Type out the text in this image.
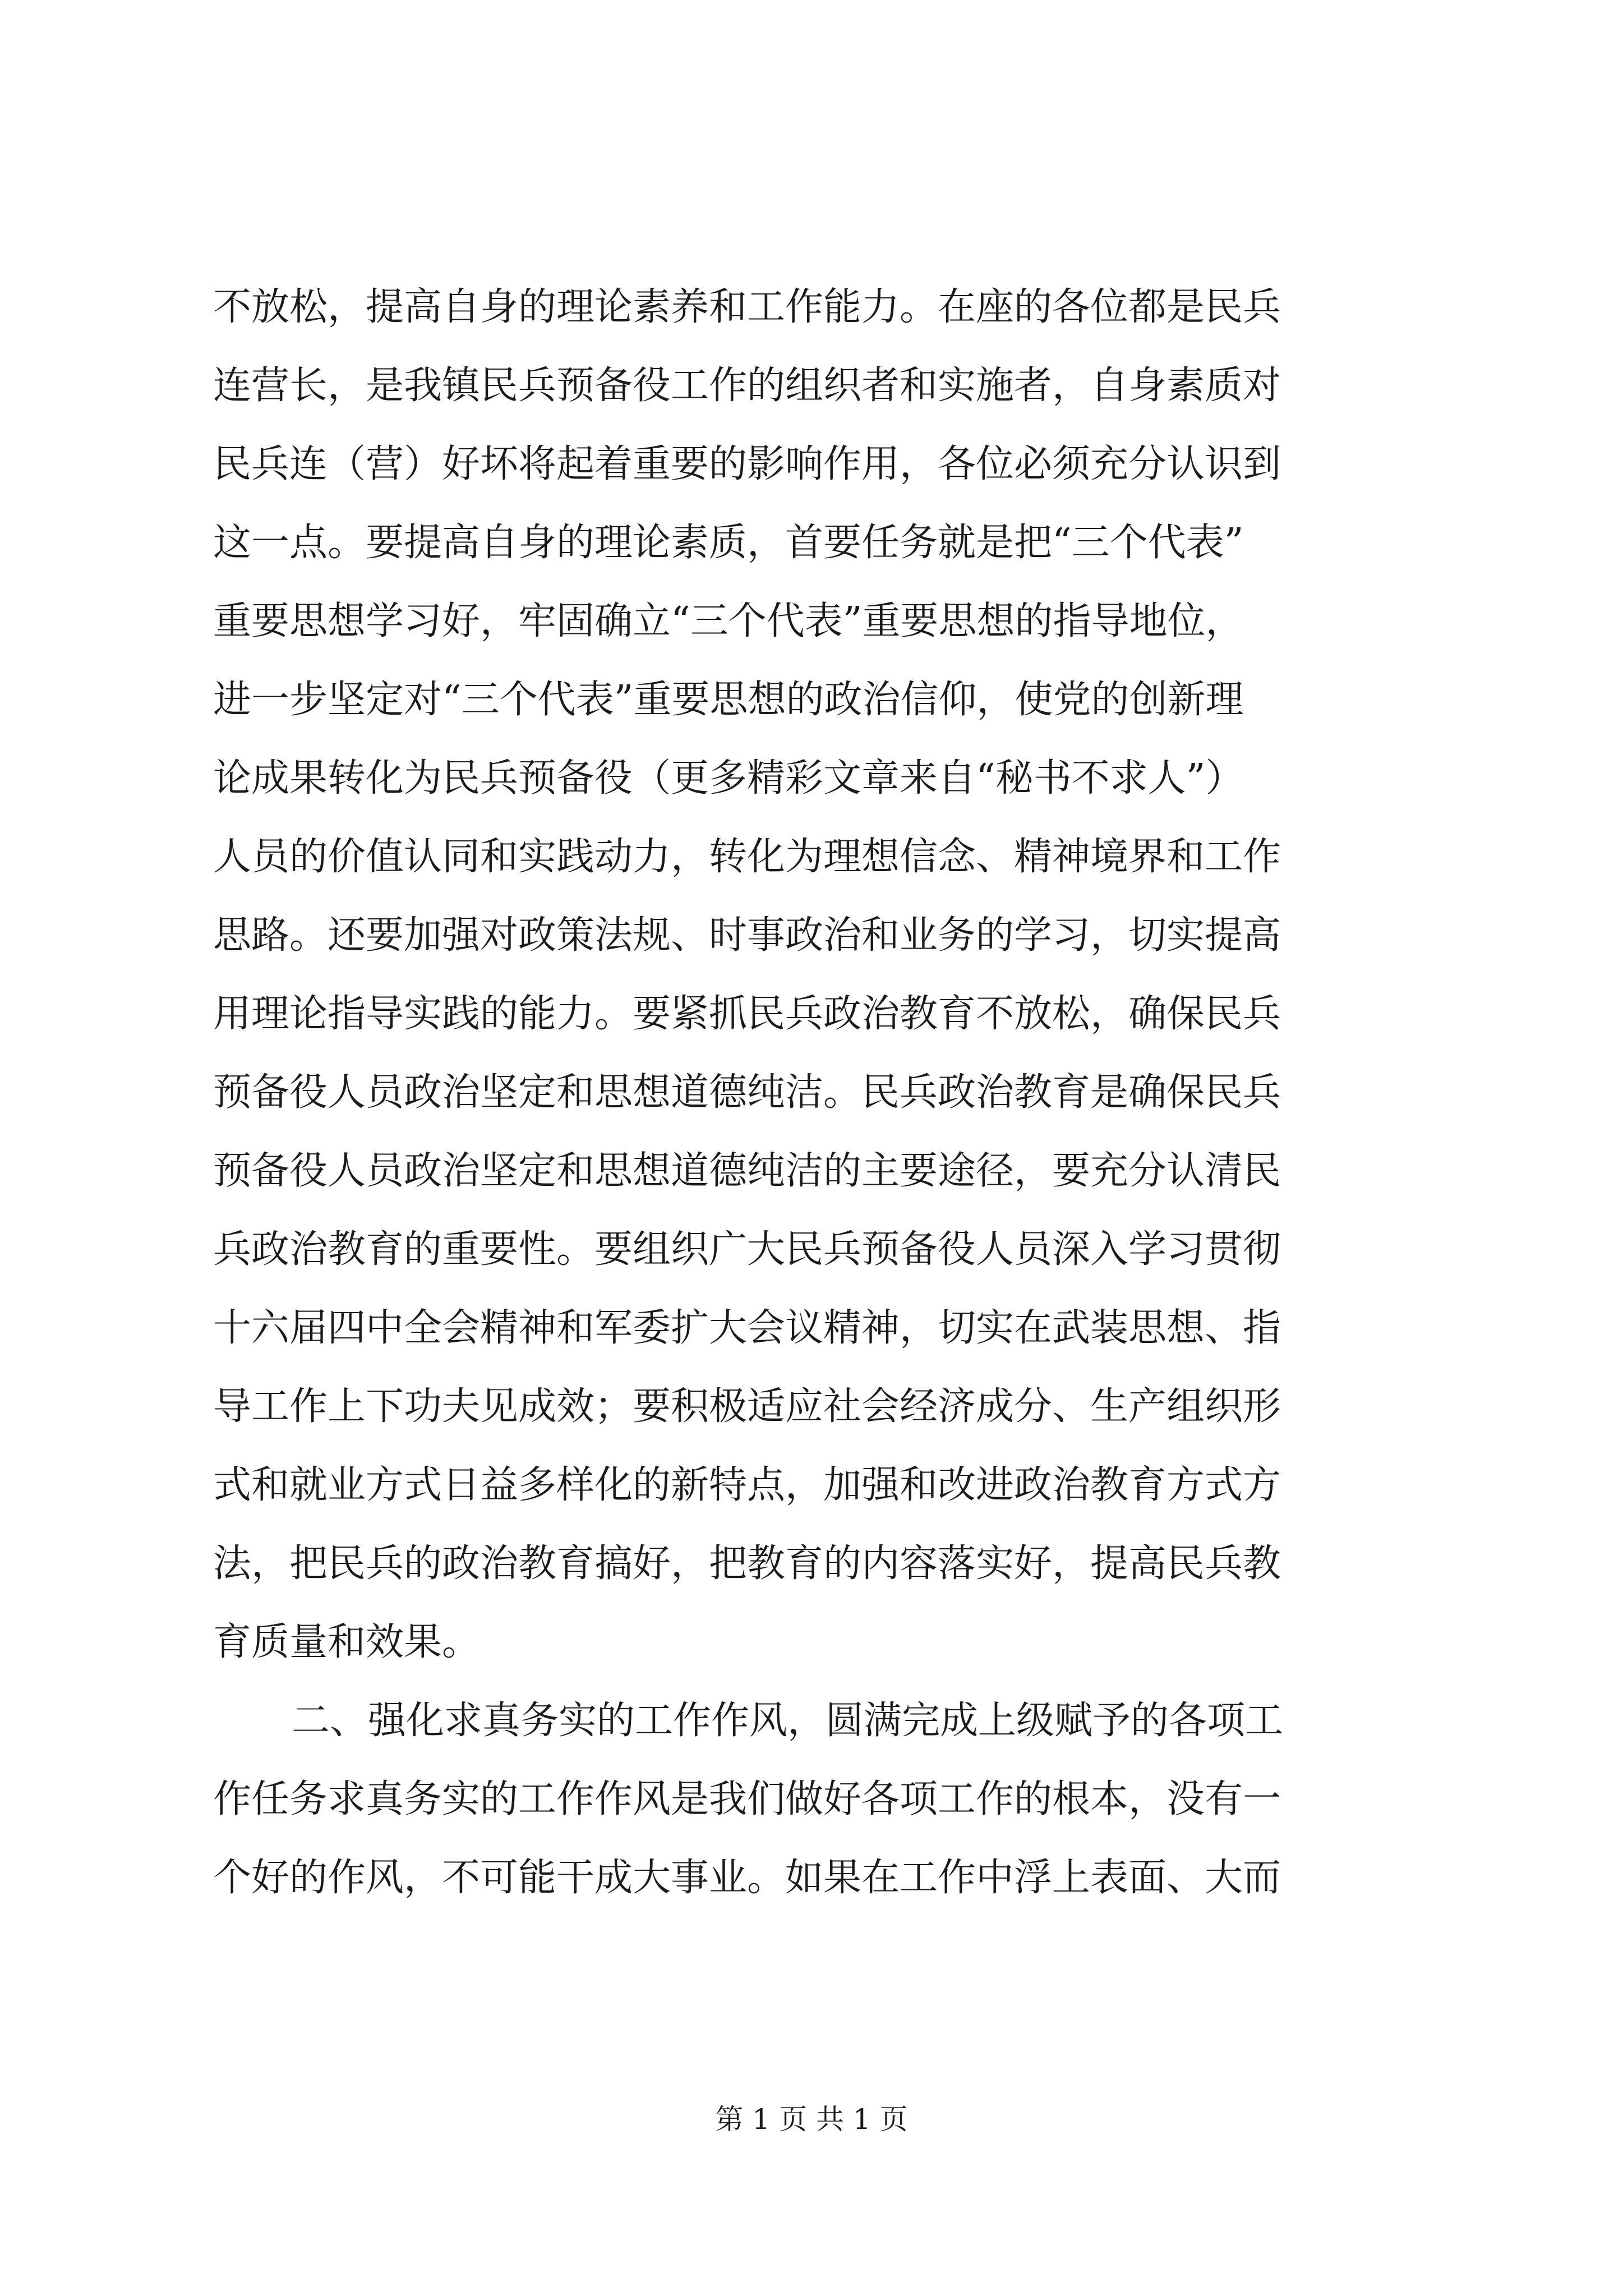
不放松，提高自身的理论素养和工作能力。在座的各位都是民兵
连营长，是我镇民兵预备役工作的组织者和实施者，自身素质对
民兵连（营）好坏将起着重要的影响作用，各位必须充分认识到
这一点。要提高自身的理论素质，首要任务就是把“三个代表”
重要思想学习好，牢固确立“三个代表”重要思想的指导地位，
进一步坚定对“三个代表”重要思想的政治信仰，使党的创新理
论成果转化为民兵预备役（更多精彩文章来自“秘书不求人”）
人员的价值认同和实践动力，转化为理想信念、精神境界和工作
思路。还要加强对政策法规、时事政治和业务的学习，切实提高
用理论指导实践的能力。要紧抓民兵政治教育不放松，确保民兵
预备役人员政治坚定和思想道德纯洁。民兵政治教育是确保民兵
预备役人员政治坚定和思想道德纯洁的主要途径，要充分认清民
兵政治教育的重要性。要组织广大民兵预备役人员深入学习贯彻
十六届四中全会精神和军委扩大会议精神，切实在武装思想、指
导工作上下功夫见成效；要积极适应社会经济成分、生产组织形
式和就业方式日益多样化的新特点，加强和改进政治教育方式方
法，把民兵的政治教育搞好，把教育的内容落实好，提高民兵教
育质量和效果。
二、强化求真务实的工作作风，圆满完成上级赋予的各项工
作任务求真务实的工作作风是我们做好各项工作的根本，没有一
个好的作风，不可能干成大事业。如果在工作中浮上表面、大而
第 1 页 共 1 页
